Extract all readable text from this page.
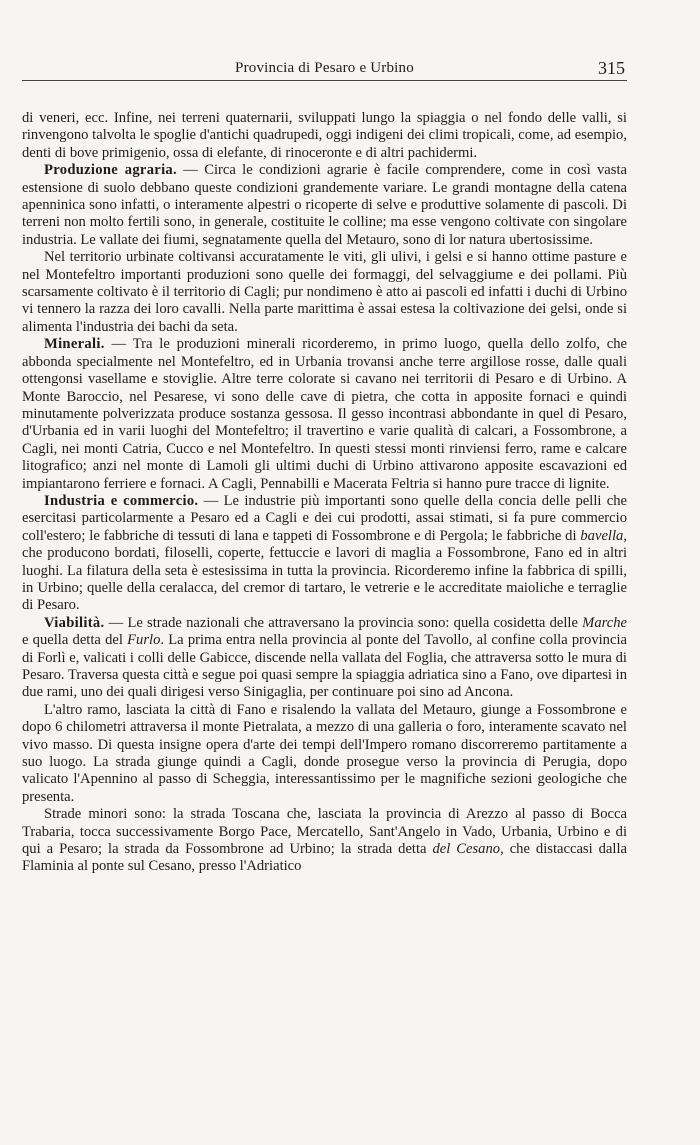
Provincia di Pesaro e Urbino	315

di veneri, ecc. Infine, nei terreni quaternarii, sviluppati lungo la spiaggia o nel fondo delle valli, si rinvengono talvolta le spoglie d'antichi quadrupedi, oggi indigeni dei climi tropicali, come, ad esempio, denti di bove primigenio, ossa di elefante, di rinoceronte e di altri pachidermi.

Produzione agraria. — Circa le condizioni agrarie è facile comprendere, come in così vasta estensione di suolo debbano queste condizioni grandemente variare. Le grandi montagne della catena apenninica sono infatti, o interamente alpestri o ricoperte di selve e produttive solamente di pascoli. Di terreni non molto fertili sono, in generale, costituite le colline; ma esse vengono coltivate con singolare industria. Le vallate dei fiumi, segnatamente quella del Metauro, sono di lor natura ubertosissime.

Nel territorio urbinate coltivansi accuratamente le viti, gli ulivi, i gelsi e si hanno ottime pasture e nel Montefeltro importanti produzioni sono quelle dei formaggi, del selvaggiume e dei pollami. Più scarsamente coltivato è il territorio di Cagli; pur nondimeno è atto ai pascoli ed infatti i duchi di Urbino vi tennero la razza dei loro cavalli. Nella parte marittima è assai estesa la coltivazione dei gelsi, onde si alimenta l'industria dei bachi da seta.

Minerali. — Tra le produzioni minerali ricorderemo, in primo luogo, quella dello zolfo, che abbonda specialmente nel Montefeltro, ed in Urbania trovansi anche terre argillose rosse, dalle quali ottengonsi vasellame e stoviglie. Altre terre colorate si cavano nei territorii di Pesaro e di Urbino. A Monte Baroccio, nel Pesarese, vi sono delle cave di pietra, che cotta in apposite fornaci e quindi minutamente polverizzata produce sostanza gessosa. Il gesso incontrasi abbondante in quel di Pesaro, d'Urbania ed in varii luoghi del Montefeltro; il travertino e varie qualità di calcari, a Fossombrone, a Cagli, nei monti Catria, Cucco e nel Montefeltro. In questi stessi monti rinviensi ferro, rame e calcare litografico; anzi nel monte di Lamoli gli ultimi duchi di Urbino attivarono apposite escavazioni ed impiantarono ferriere e fornaci. A Cagli, Pennabilli e Macerata Feltria si hanno pure tracce di lignite.

Industria e commercio. — Le industrie più importanti sono quelle della concia delle pelli che esercitasi particolarmente a Pesaro ed a Cagli e dei cui prodotti, assai stimati, si fa pure commercio coll'estero; le fabbriche di tessuti di lana e tappeti di Fossombrone e di Pergola; le fabbriche di bavella, che producono bordati, filoselli, coperte, fettuccie e lavori di maglia a Fossombrone, Fano ed in altri luoghi. La filatura della seta è estesissima in tutta la provincia. Ricorderemo infine la fabbrica di spilli, in Urbino; quelle della ceralacca, del cremor di tartaro, le vetrerie e le accreditate maioliche e terraglie di Pesaro.

Viabilità. — Le strade nazionali che attraversano la provincia sono: quella cosidetta delle Marche e quella detta del Furlo. La prima entra nella provincia al ponte del Tavollo, al confine colla provincia di Forlì e, valicati i colli delle Gabicce, discende nella vallata del Foglia, che attraversa sotto le mura di Pesaro. Traversa questa città e segue poi quasi sempre la spiaggia adriatica sino a Fano, ove dipartesi in due rami, uno dei quali dirigesi verso Sinigaglia, per continuare poi sino ad Ancona.

L'altro ramo, lasciata la città di Fano e risalendo la vallata del Metauro, giunge a Fossombrone e dopo 6 chilometri attraversa il monte Pietralata, a mezzo di una galleria o foro, interamente scavato nel vivo masso. Di questa insigne opera d'arte dei tempi dell'Impero romano discorreremo partitamente a suo luogo. La strada giunge quindi a Cagli, donde prosegue verso la provincia di Perugia, dopo valicato l'Apennino al passo di Scheggia, interessantissimo per le magnifiche sezioni geologiche che presenta.

Strade minori sono: la strada Toscana che, lasciata la provincia di Arezzo al passo di Bocca Trabaria, tocca successivamente Borgo Pace, Mercatello, Sant'Angelo in Vado, Urbania, Urbino e di qui a Pesaro; la strada da Fossombrone ad Urbino; la strada detta del Cesano, che distaccasi dalla Flaminia al ponte sul Cesano, presso l'Adriatico
